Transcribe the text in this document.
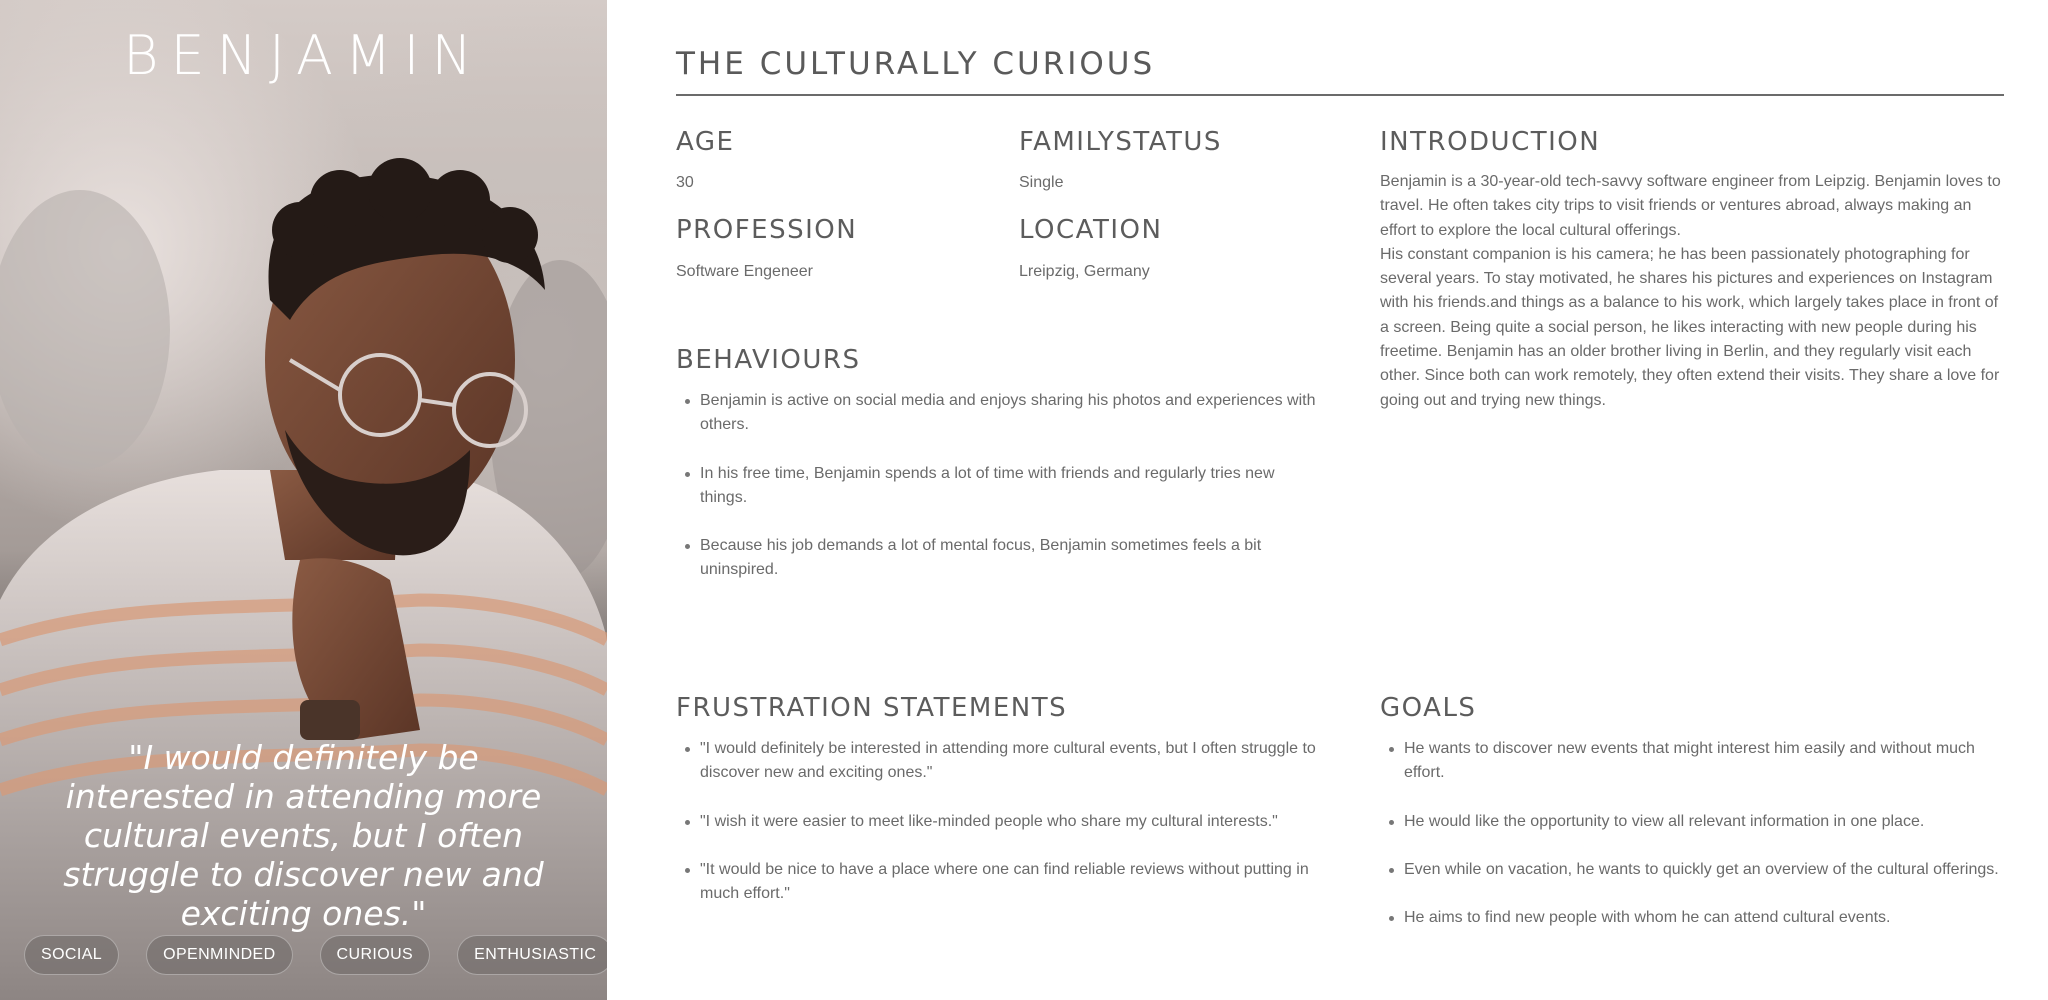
BENJAMIN
"I would definitely be interested in attending more cultural events, but I often struggle to discover new and exciting ones."
SOCIAL	OPENMINDED	CURIOUS	ENTHUSIASTIC
THE CULTURALLY CURIOUS
AGE
30
FAMILYSTATUS
Single
PROFESSION
Software Engeneer
LOCATION
Lreipzig, Germany
INTRODUCTION

Benjamin is a 30-year-old tech-savvy software engineer from Leipzig. Benjamin loves to travel. He often takes city trips to visit friends or ventures abroad, always making an effort to explore the local cultural offerings.

His constant companion is his camera; he has been passionately photographing for several years. To stay motivated, he shares his pictures and experiences on Instagram with his friends.and things as a balance to his work, which largely takes place in front of a screen. Being quite a social person, he likes interacting with new people during his freetime. Benjamin has an older brother living in Berlin, and they regularly visit each other. Since both can work remotely, they often extend their visits. They share a love for going out and trying new things.

BEHAVIOURS
Benjamin is active on social media and enjoys sharing his photos and experiences with others.
In his free time, Benjamin spends a lot of time with friends and regularly tries new things.
Because his job demands a lot of mental focus, Benjamin sometimes feels a bit uninspired.
FRUSTRATION STATEMENTS
"I would definitely be interested in attending more cultural events, but I often struggle to discover new and exciting ones."
"I wish it were easier to meet like-minded people who share my cultural interests."
"It would be nice to have a place where one can find reliable reviews without putting in much effort."
GOALS
He wants to discover new events that might interest him easily and without much effort.
He would like the opportunity to view all relevant information in one place.
Even while on vacation, he wants to quickly get an overview of the cultural offerings.
He aims to find new people with whom he can attend cultural events.
